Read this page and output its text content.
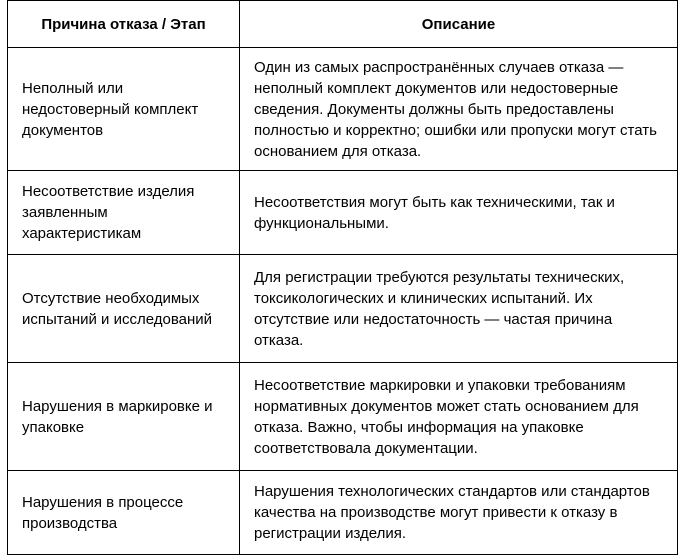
Причина отказа / Этап	Описание

Неполный или недостоверный комплект документов	Один из самых распространённых случаев отказа — неполный комплект документов или недостоверные сведения. Документы должны быть предоставлены полностью и корректно; ошибки или пропуски могут стать основанием для отказа.

Несоответствие изделия заявленным характеристикам	Несоответствия могут быть как техническими, так и функциональными.

Отсутствие необходимых испытаний и исследований	Для регистрации требуются результаты технических, токсикологических и клинических испытаний. Их отсутствие или недостаточность — частая причина отказа.

Нарушения в маркировке и упаковке	Несоответствие маркировки и упаковки требованиям нормативных документов может стать основанием для отказа. Важно, чтобы информация на упаковке соответствовала документации.

Нарушения в процессе производства	Нарушения технологических стандартов или стандартов качества на производстве могут привести к отказу в регистрации изделия.
